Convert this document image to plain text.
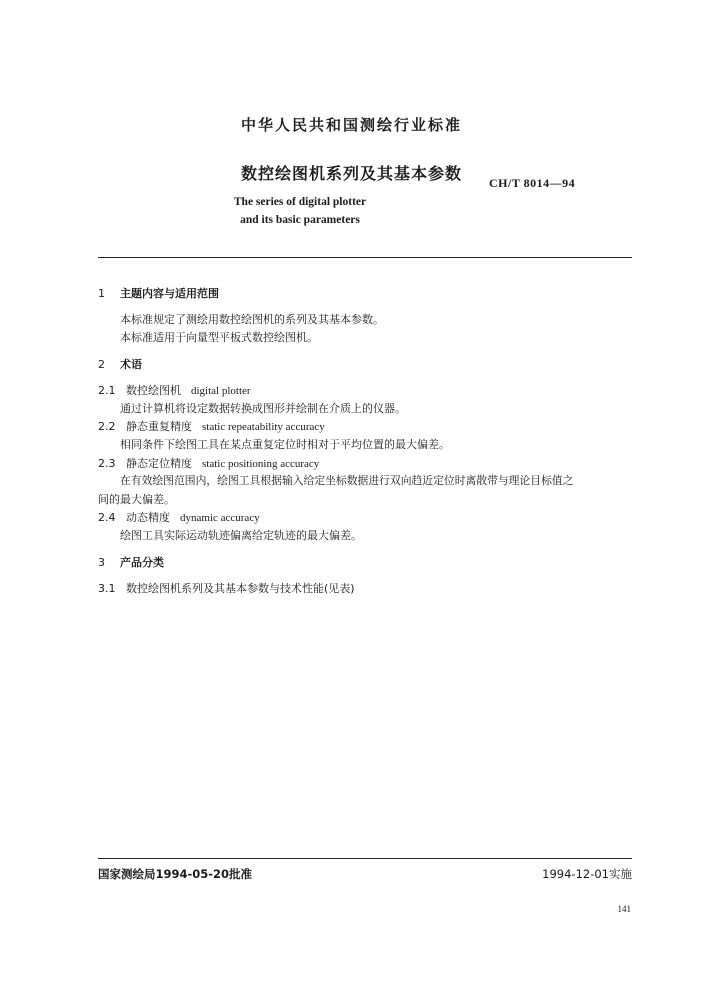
中华人民共和国测绘行业标准
数控绘图机系列及其基本参数	CH/T 8014—94
The series of digital plotter
and its basic parameters
1 主题内容与适用范围
本标准规定了测绘用数控绘图机的系列及其基本参数。
本标准适用于向量型平板式数控绘图机。
2 术语
2.1 数控绘图机 digital plotter
通过计算机将设定数据转换成图形并绘制在介质上的仪器。
2.2 静态重复精度 static repeatability accuracy
相同条件下绘图工具在某点重复定位时相对于平均位置的最大偏差。
2.3 静态定位精度 static positioning accuracy
在有效绘图范围内，绘图工具根据输入给定坐标数据进行双向趋近定位时离散带与理论目标值之
间的最大偏差。
2.4 动态精度 dynamic accuracy
绘图工具实际运动轨迹偏离给定轨迹的最大偏差。
3 产品分类
3.1 数控绘图机系列及其基本参数与技术性能(见表)
国家测绘局1994-05-20批准	1994-12-01实施
141
